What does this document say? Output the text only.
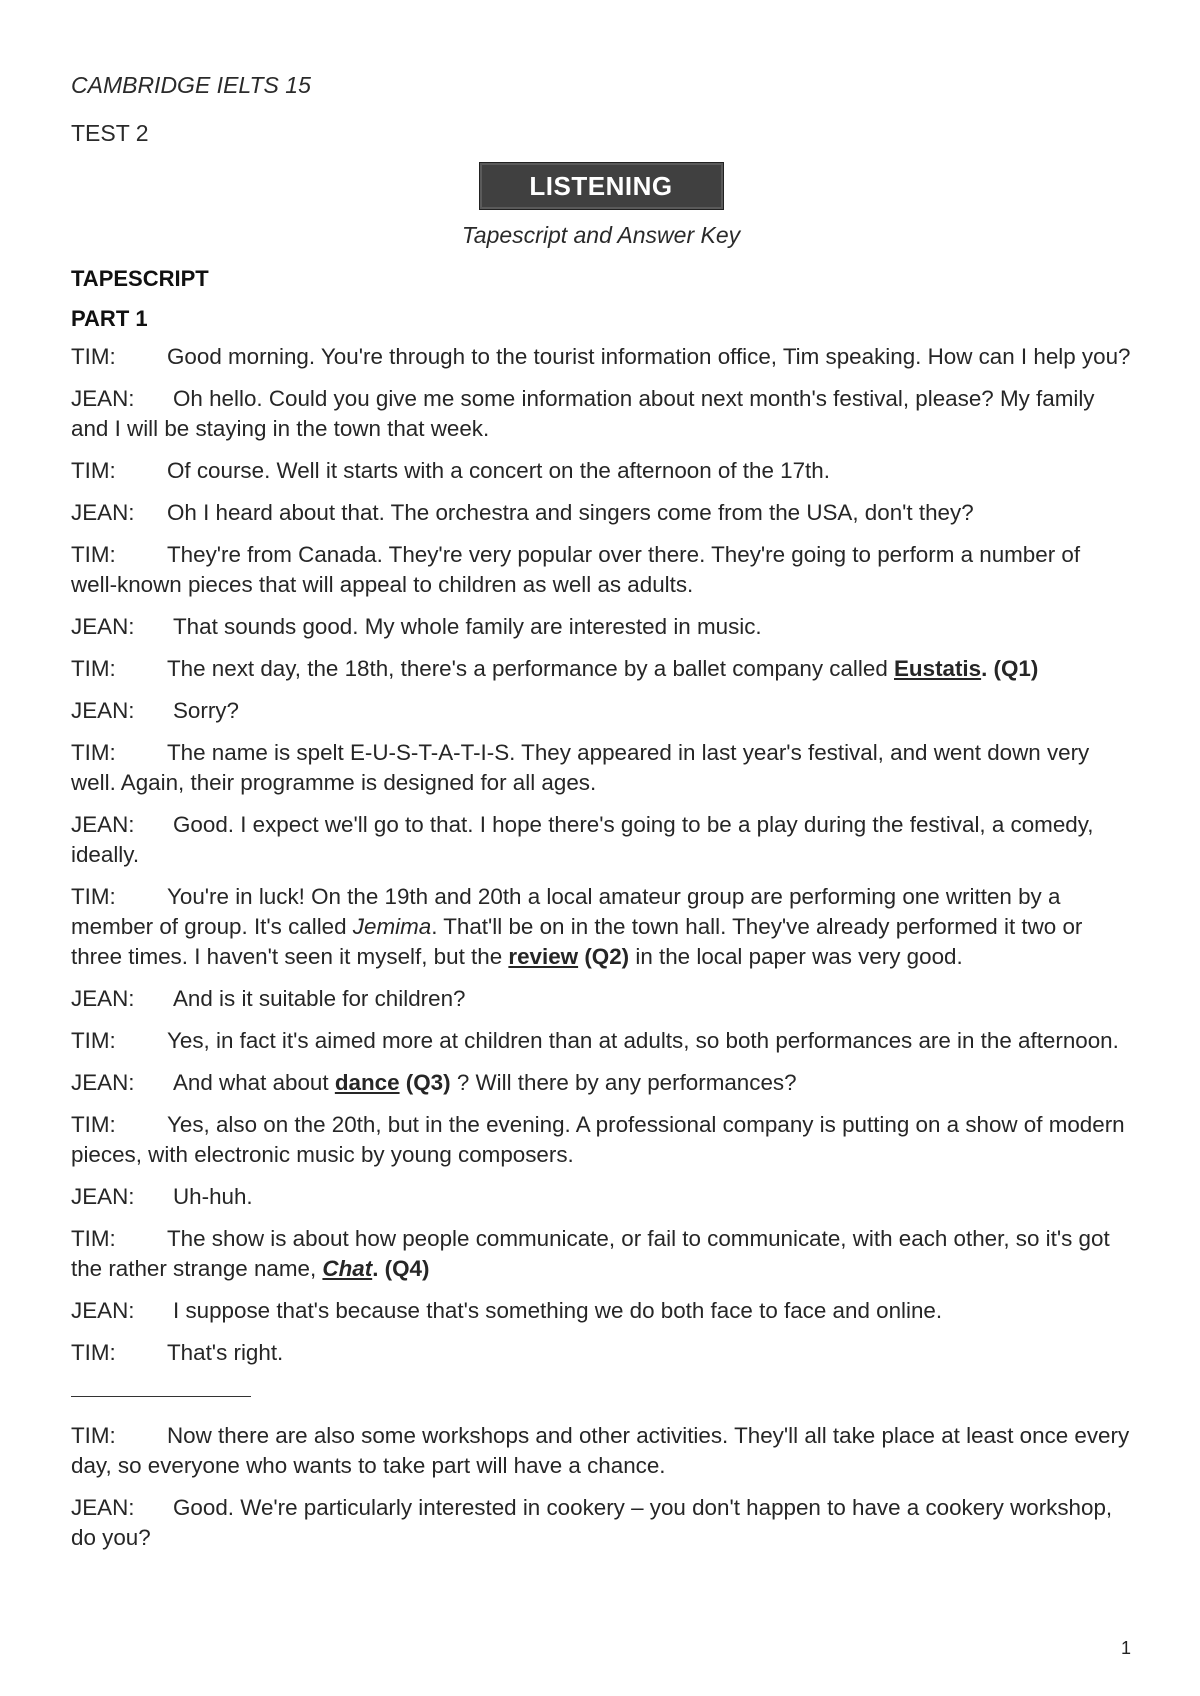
CAMBRIDGE IELTS 15
TEST 2
LISTENING
Tapescript and Answer Key
TAPESCRIPT
PART 1

TIM: Good morning. You're through to the tourist information office, Tim speaking. How can I help you?

JEAN: Oh hello. Could you give me some information about next month's festival, please? My family and I will be staying in the town that week.

TIM: Of course. Well it starts with a concert on the afternoon of the 17th.

JEAN: Oh I heard about that. The orchestra and singers come from the USA, don't they?

TIM: They're from Canada. They're very popular over there. They're going to perform a number of well-known pieces that will appeal to children as well as adults.

JEAN: That sounds good. My whole family are interested in music.

TIM: The next day, the 18th, there's a performance by a ballet company called Eustatis. (Q1)

JEAN: Sorry?

TIM: The name is spelt E-U-S-T-A-T-I-S. They appeared in last year's festival, and went down very well. Again, their programme is designed for all ages.

JEAN: Good. I expect we'll go to that. I hope there's going to be a play during the festival, a comedy, ideally.

TIM: You're in luck! On the 19th and 20th a local amateur group are performing one written by a member of group. It's called Jemima. That'll be on in the town hall. They've already performed it two or three times. I haven't seen it myself, but the review (Q2) in the local paper was very good.

JEAN: And is it suitable for children?

TIM: Yes, in fact it's aimed more at children than at adults, so both performances are in the afternoon.

JEAN: And what about dance (Q3) ? Will there by any performances?

TIM: Yes, also on the 20th, but in the evening. A professional company is putting on a show of modern pieces, with electronic music by young composers.

JEAN: Uh-huh.

TIM: The show is about how people communicate, or fail to communicate, with each other, so it's got the rather strange name, Chat. (Q4)

JEAN: I suppose that's because that's something we do both face to face and online.

TIM: That's right.

TIM: Now there are also some workshops and other activities. They'll all take place at least once every day, so everyone who wants to take part will have a chance.

JEAN: Good. We're particularly interested in cookery – you don't happen to have a cookery workshop, do you?

1
